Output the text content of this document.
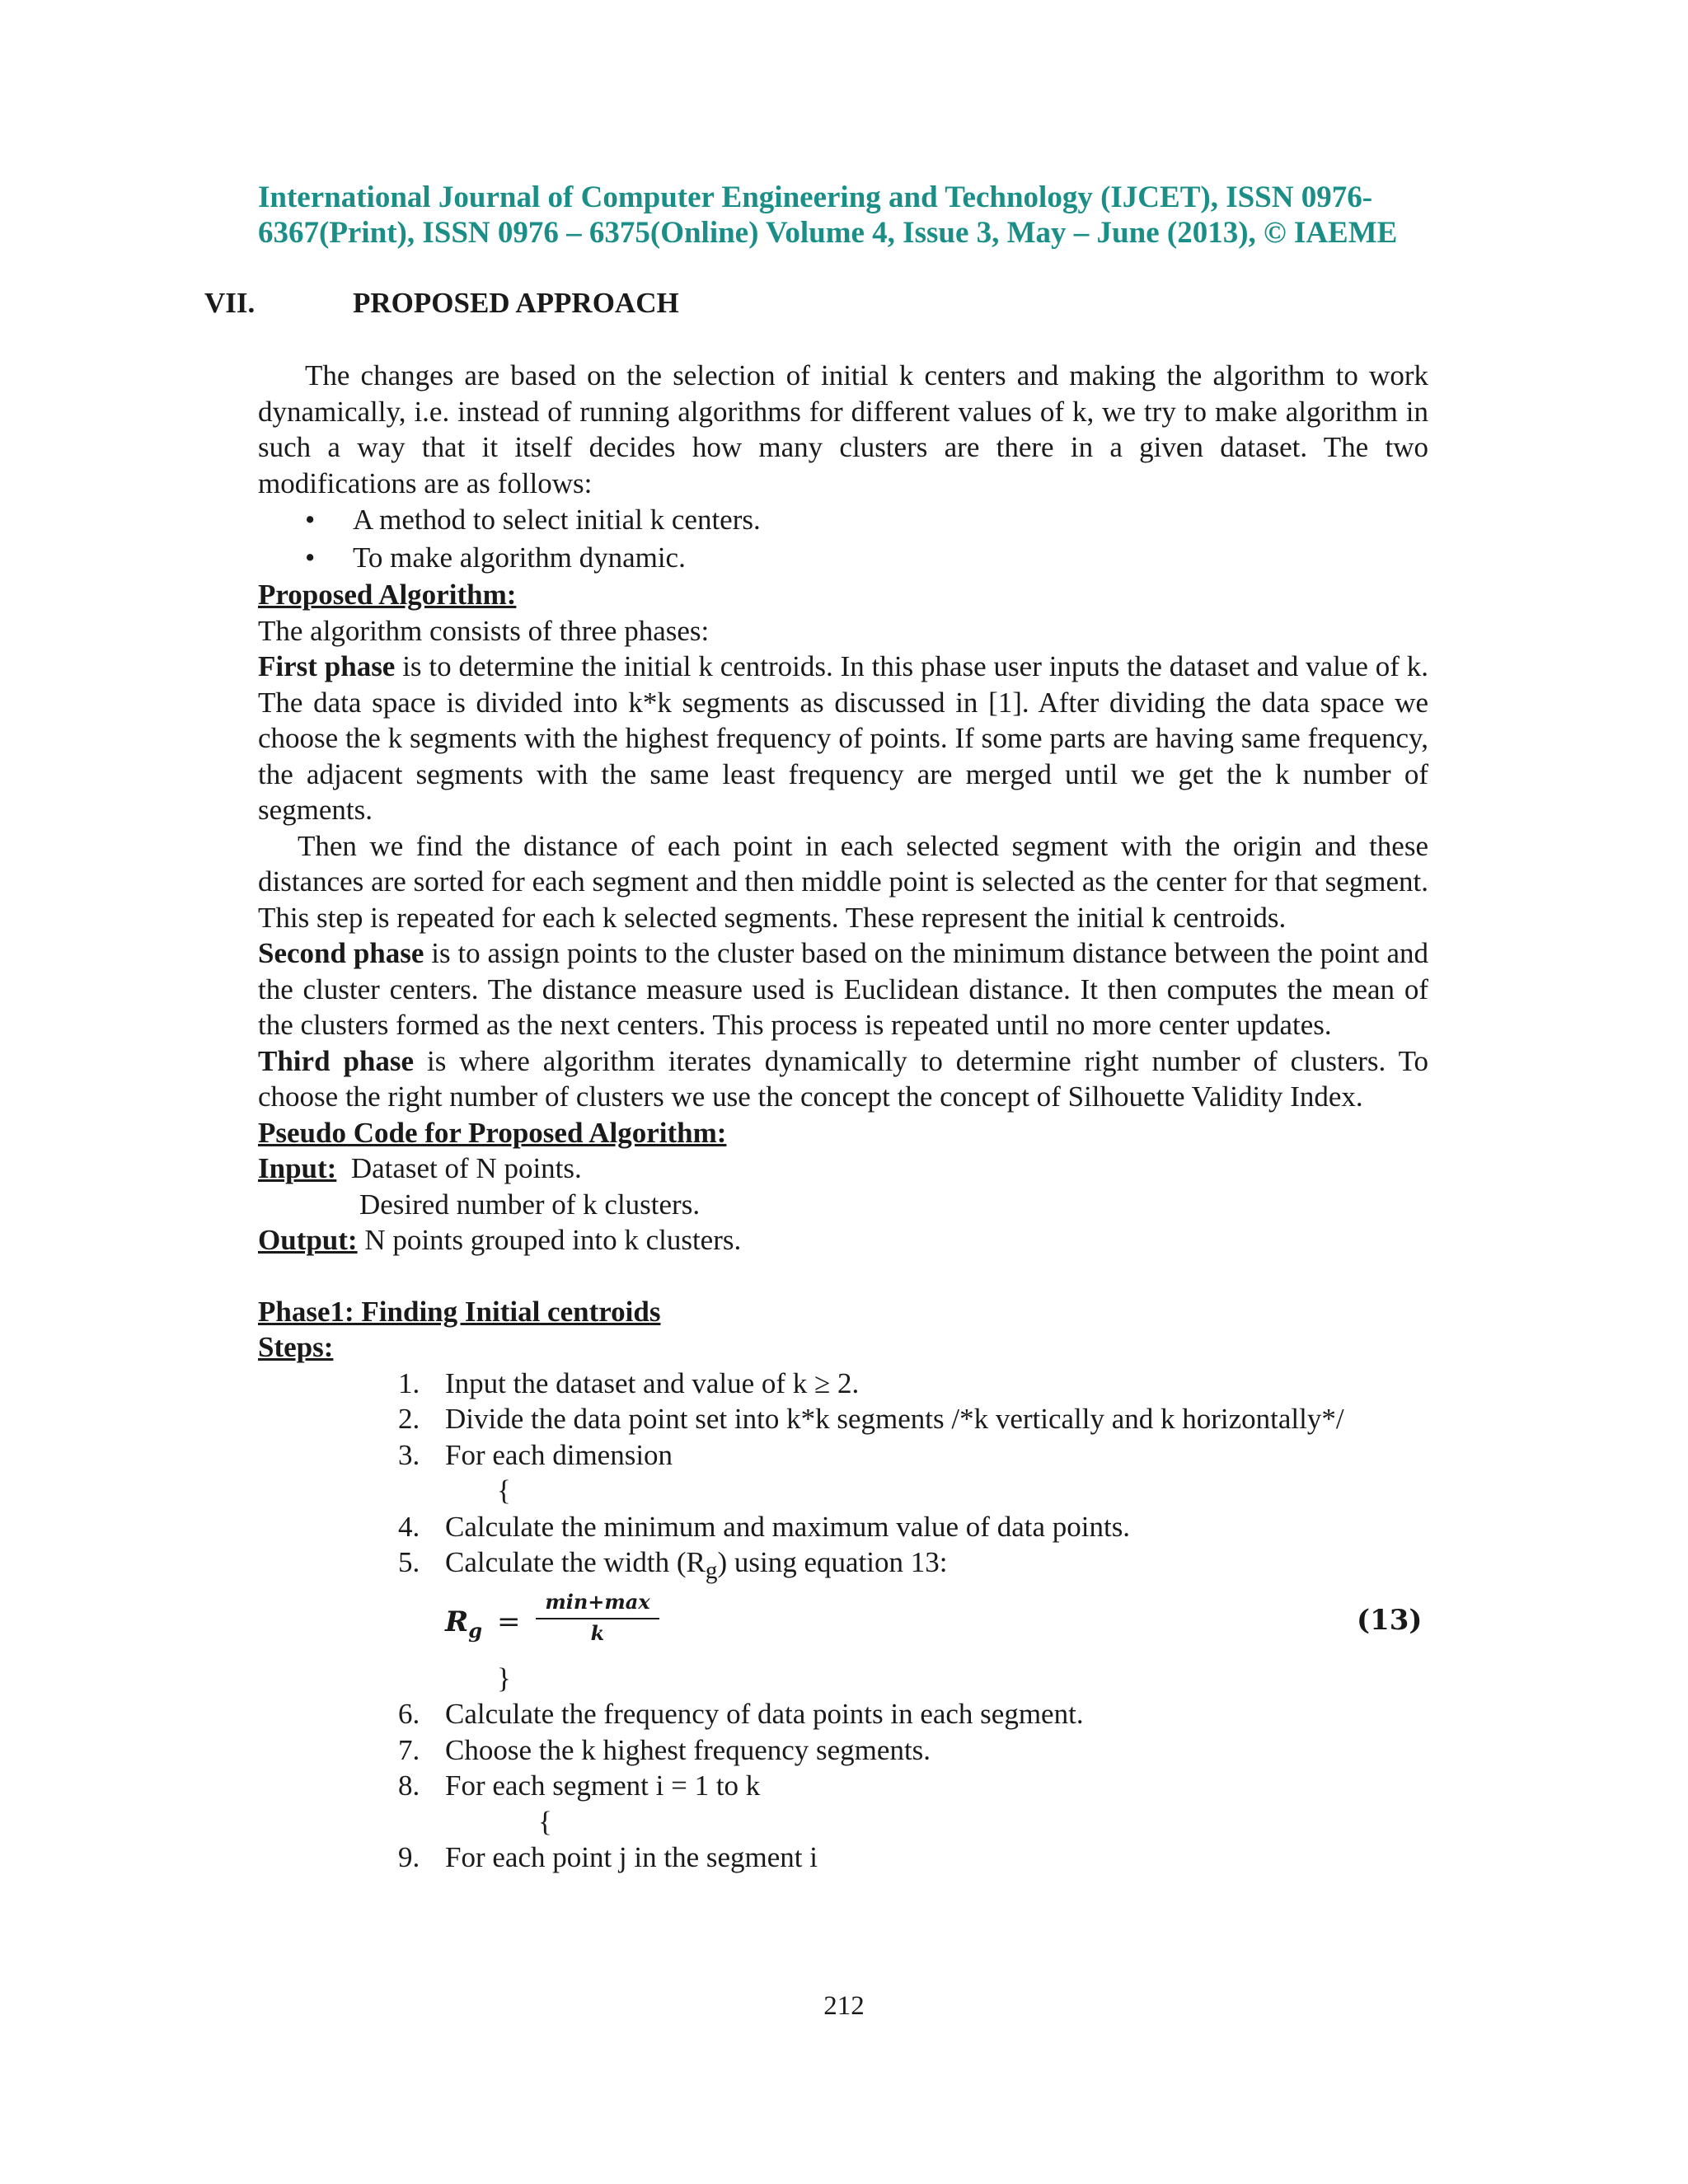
International Journal of Computer Engineering and Technology (IJCET), ISSN 0976-
6367(Print), ISSN 0976 – 6375(Online) Volume 4, Issue 3, May – June (2013), © IAEME
VII.	PROPOSED APPROACH

The changes are based on the selection of initial k centers and making the algorithm to work dynamically, i.e. instead of running algorithms for different values of k, we try to make algorithm in such a way that it itself decides how many clusters are there in a given dataset. The two modifications are as follows:

• A method to select initial k centers.
• To make algorithm dynamic.
Proposed Algorithm:
The algorithm consists of three phases:

First phase is to determine the initial k centroids. In this phase user inputs the dataset and value of k. The data space is divided into k*k segments as discussed in [1]. After dividing the data space we choose the k segments with the highest frequency of points. If some parts are having same frequency, the adjacent segments with the same least frequency are merged until we get the k number of segments.

Then we find the distance of each point in each selected segment with the origin and these distances are sorted for each segment and then middle point is selected as the center for that segment. This step is repeated for each k selected segments. These represent the initial k centroids.

Second phase is to assign points to the cluster based on the minimum distance between the point and the cluster centers. The distance measure used is Euclidean distance. It then computes the mean of the clusters formed as the next centers. This process is repeated until no more center updates.

Third phase is where algorithm iterates dynamically to determine right number of clusters. To choose the right number of clusters we use the concept the concept of Silhouette Validity Index.

Pseudo Code for Proposed Algorithm:
Input: Dataset of N points.
Desired number of k clusters.
Output: N points grouped into k clusters.
Phase1: Finding Initial centroids
Steps:
1. Input the dataset and value of k ≥ 2.
2. Divide the data point set into k*k segments /*k vertically and k horizontally*/
3. For each dimension
{
4. Calculate the minimum and maximum value of data points.
5. Calculate the width $(R_g)$ using equation 13:
$R_g$ =
min+max
k	(13)
}
6. Calculate the frequency of data points in each segment.
7. Choose the k highest frequency segments.
8. For each segment i = 1 to k
{
9. For each point j in the segment i
212
